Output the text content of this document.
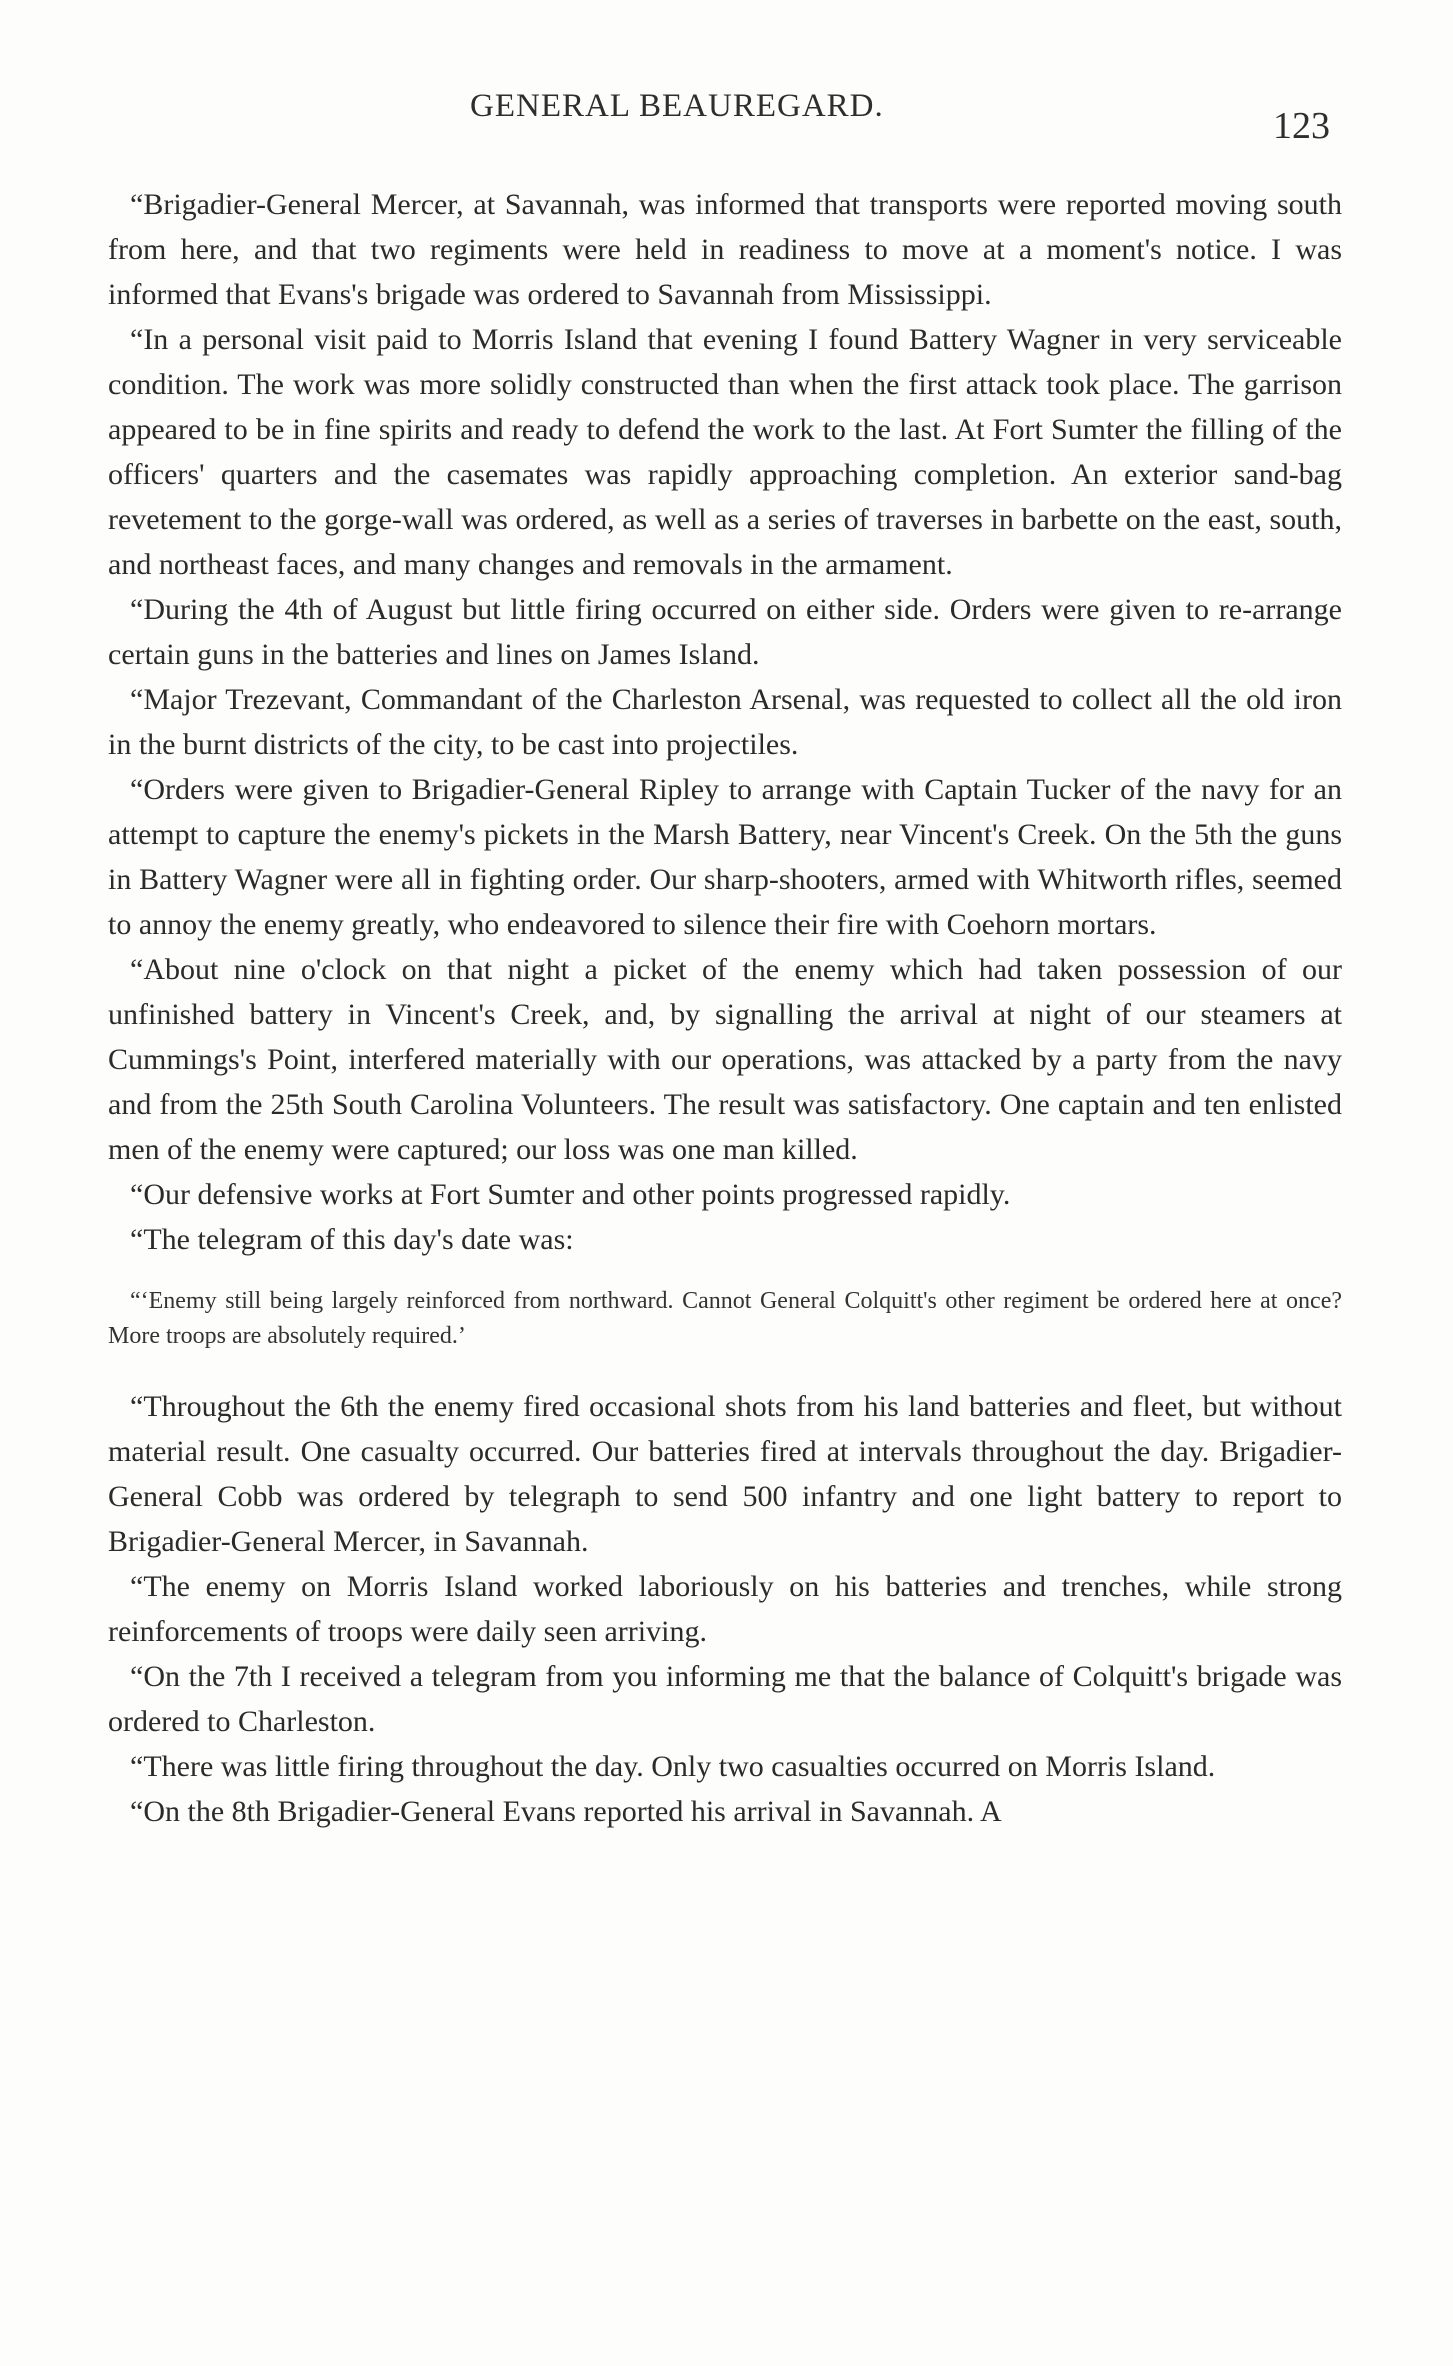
GENERAL BEAUREGARD.	123

“Brigadier-General Mercer, at Savannah, was informed that transports were reported moving south from here, and that two regiments were held in readiness to move at a moment's notice. I was informed that Evans's brigade was ordered to Savannah from Mississippi.

“In a personal visit paid to Morris Island that evening I found Battery Wagner in very serviceable condition. The work was more solidly constructed than when the first attack took place. The garrison appeared to be in fine spirits and ready to defend the work to the last. At Fort Sumter the filling of the officers' quarters and the casemates was rapidly approaching completion. An exterior sand-bag revetement to the gorge-wall was ordered, as well as a series of traverses in barbette on the east, south, and northeast faces, and many changes and removals in the armament.

“During the 4th of August but little firing occurred on either side. Orders were given to re-arrange certain guns in the batteries and lines on James Island.

“Major Trezevant, Commandant of the Charleston Arsenal, was requested to collect all the old iron in the burnt districts of the city, to be cast into projectiles.

“Orders were given to Brigadier-General Ripley to arrange with Captain Tucker of the navy for an attempt to capture the enemy's pickets in the Marsh Battery, near Vincent's Creek. On the 5th the guns in Battery Wagner were all in fighting order. Our sharp-shooters, armed with Whitworth rifles, seemed to annoy the enemy greatly, who endeavored to silence their fire with Coehorn mortars.

“About nine o'clock on that night a picket of the enemy which had taken possession of our unfinished battery in Vincent's Creek, and, by signalling the arrival at night of our steamers at Cummings's Point, interfered materially with our operations, was attacked by a party from the navy and from the 25th South Carolina Volunteers. The result was satisfactory. One captain and ten enlisted men of the enemy were captured; our loss was one man killed.

“Our defensive works at Fort Sumter and other points progressed rapidly.

“The telegram of this day's date was:

“‘Enemy still being largely reinforced from northward. Cannot General Colquitt's other regiment be ordered here at once? More troops are absolutely required.’

“Throughout the 6th the enemy fired occasional shots from his land batteries and fleet, but without material result. One casualty occurred. Our batteries fired at intervals throughout the day. Brigadier-General Cobb was ordered by telegraph to send 500 infantry and one light battery to report to Brigadier-General Mercer, in Savannah.

“The enemy on Morris Island worked laboriously on his batteries and trenches, while strong reinforcements of troops were daily seen arriving.

“On the 7th I received a telegram from you informing me that the balance of Colquitt's brigade was ordered to Charleston.

“There was little firing throughout the day. Only two casualties occurred on Morris Island.

“On the 8th Brigadier-General Evans reported his arrival in Savannah. A
